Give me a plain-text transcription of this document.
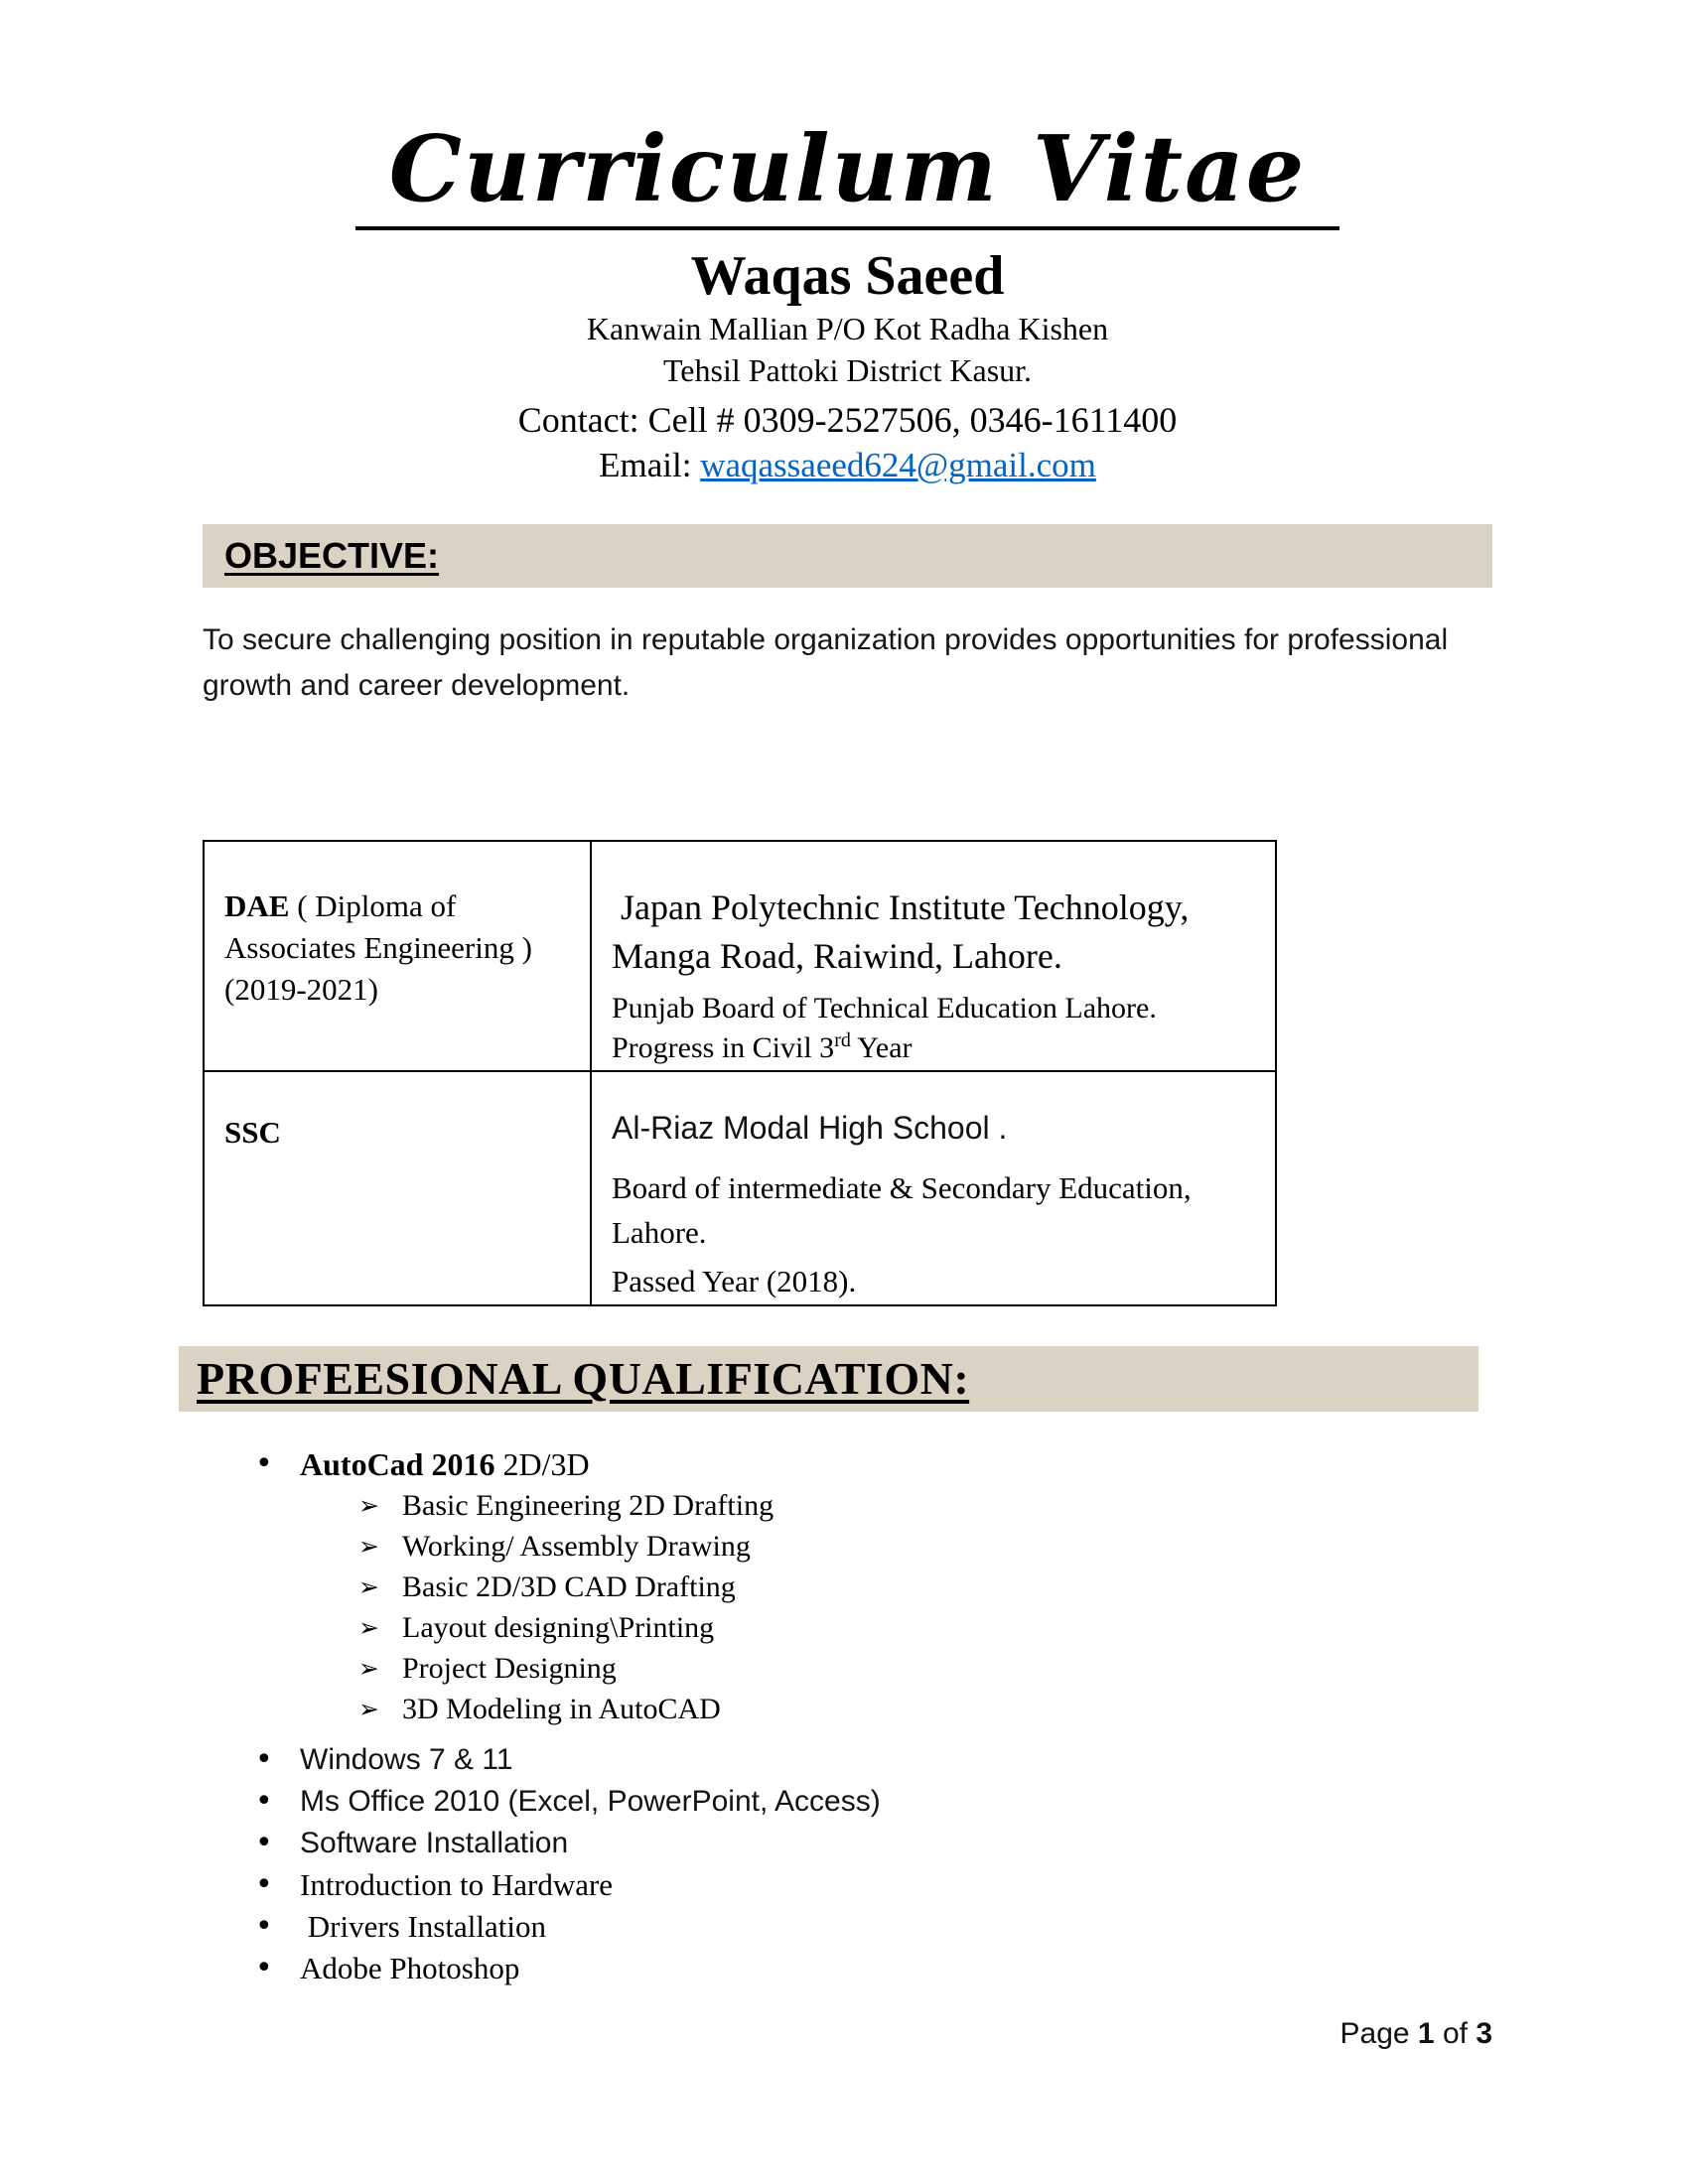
Curriculum Vitae
Waqas Saeed
Kanwain Mallian P/O Kot Radha Kishen
Tehsil Pattoki District Kasur.
Contact: Cell # 0309-2527506, 0346-1611400
Email: waqassaeed624@gmail.com
OBJECTIVE:
To secure challenging position in reputable organization provides opportunities for professional growth and career development.
DAE ( Diploma of Associates Engineering ) (2019-2021)	Japan Polytechnic Institute Technology,
Manga Road, Raiwind, Lahore.
Punjab Board of Technical Education Lahore.
Progress in Civil 3rd Year

SSC	Al-Riaz Modal High School .
Board of intermediate & Secondary Education,
Lahore.
Passed Year (2018).
PROFEESIONAL QUALIFICATION:
• AutoCad 2016 2D/3D
➢ Basic Engineering 2D Drafting
➢ Working/ Assembly Drawing
➢ Basic 2D/3D CAD Drafting
➢ Layout designing\Printing
➢ Project Designing
➢ 3D Modeling in AutoCAD
• Windows 7 & 11
• Ms Office 2010 (Excel, PowerPoint, Access)
• Software Installation
• Introduction to Hardware
• Drivers Installation
• Adobe Photoshop
Page 1 of 3
